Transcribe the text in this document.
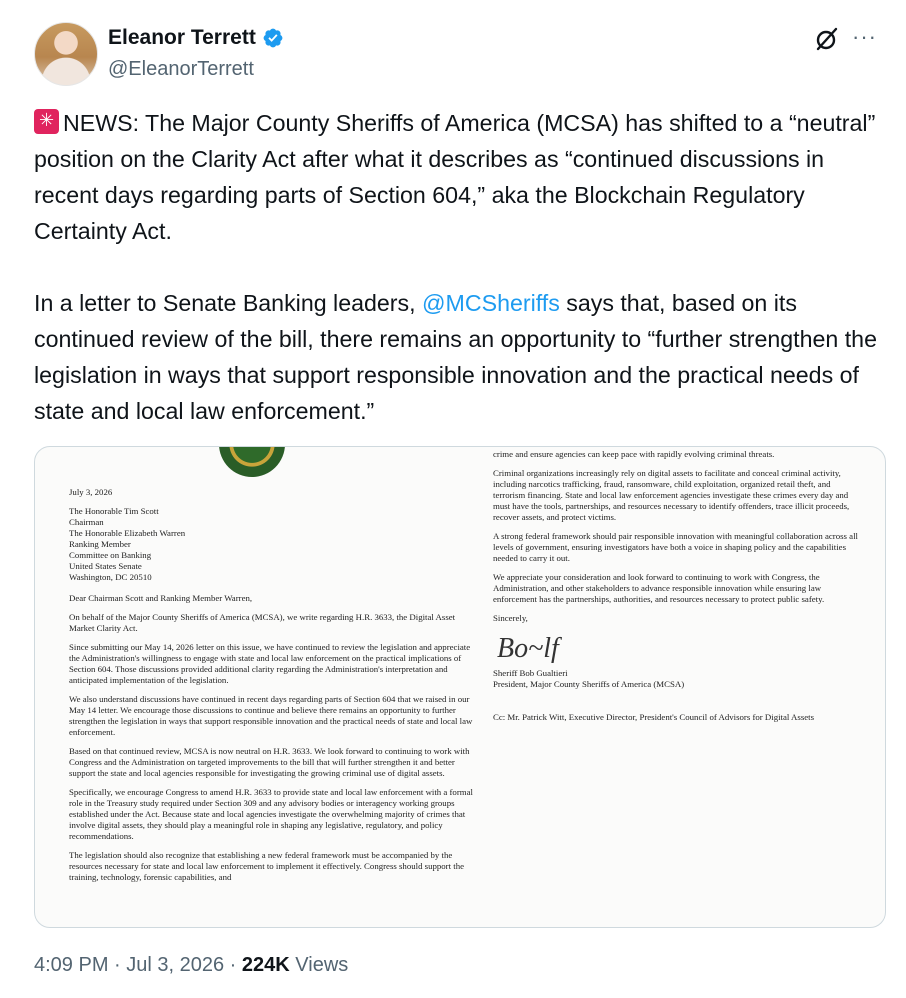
Eleanor Terrett
@EleanorTerrett
···

✳NEWS: The Major County Sheriffs of America (MCSA) has shifted to a “neutral” position on the Clarity Act after what it describes as “continued discussions in recent days regarding parts of Section 604,” aka the Blockchain Regulatory Certainty Act.

In a letter to Senate Banking leaders, @MCSheriffs says that, based on its continued review of the bill, there remains an opportunity to “further strengthen the legislation in ways that support responsible innovation and the practical needs of state and local law enforcement.”

July 3, 2026

The Honorable Tim Scott

Chairman

The Honorable Elizabeth Warren

Ranking Member

Committee on Banking

United States Senate

Washington, DC 20510

Dear Chairman Scott and Ranking Member Warren,

On behalf of the Major County Sheriffs of America (MCSA), we write regarding H.R. 3633, the Digital Asset Market Clarity Act.

Since submitting our May 14, 2026 letter on this issue, we have continued to review the legislation and appreciate the Administration's willingness to engage with state and local law enforcement on the practical implications of Section 604. Those discussions provided additional clarity regarding the Administration's interpretation and anticipated implementation of the legislation.

We also understand discussions have continued in recent days regarding parts of Section 604 that we raised in our May 14 letter. We encourage those discussions to continue and believe there remains an opportunity to further strengthen the legislation in ways that support responsible innovation and the practical needs of state and local law enforcement.

Based on that continued review, MCSA is now neutral on H.R. 3633. We look forward to continuing to work with Congress and the Administration on targeted improvements to the bill that will further strengthen it and better support the state and local agencies responsible for investigating the growing criminal use of digital assets.

Specifically, we encourage Congress to amend H.R. 3633 to provide state and local law enforcement with a formal role in the Treasury study required under Section 309 and any advisory bodies or interagency working groups established under the Act. Because state and local agencies investigate the overwhelming majority of crimes that involve digital assets, they should play a meaningful role in shaping any legislative, regulatory, and policy recommendations.

The legislation should also recognize that establishing a new federal framework must be accompanied by the resources necessary for state and local law enforcement to implement it effectively. Congress should support the training, technology, forensic capabilities, and

crime and ensure agencies can keep pace with rapidly evolving criminal threats.

Criminal organizations increasingly rely on digital assets to facilitate and conceal criminal activity, including narcotics trafficking, fraud, ransomware, child exploitation, organized retail theft, and terrorism financing. State and local law enforcement agencies investigate these crimes every day and must have the tools, partnerships, and resources necessary to identify offenders, trace illicit proceeds, recover assets, and protect victims.

A strong federal framework should pair responsible innovation with meaningful collaboration across all levels of government, ensuring investigators have both a voice in shaping policy and the capabilities needed to carry it out.

We appreciate your consideration and look forward to continuing to work with Congress, the Administration, and other stakeholders to advance responsible innovation while ensuring law enforcement has the partnerships, authorities, and resources necessary to protect public safety.

Sincerely,

Bo~lf

Sheriff Bob Gualtieri
President, Major County Sheriffs of America (MCSA)

Cc: Mr. Patrick Witt, Executive Director, President's Council of Advisors for Digital Assets

4:09 PM · Jul 3, 2026 · 224K Views
